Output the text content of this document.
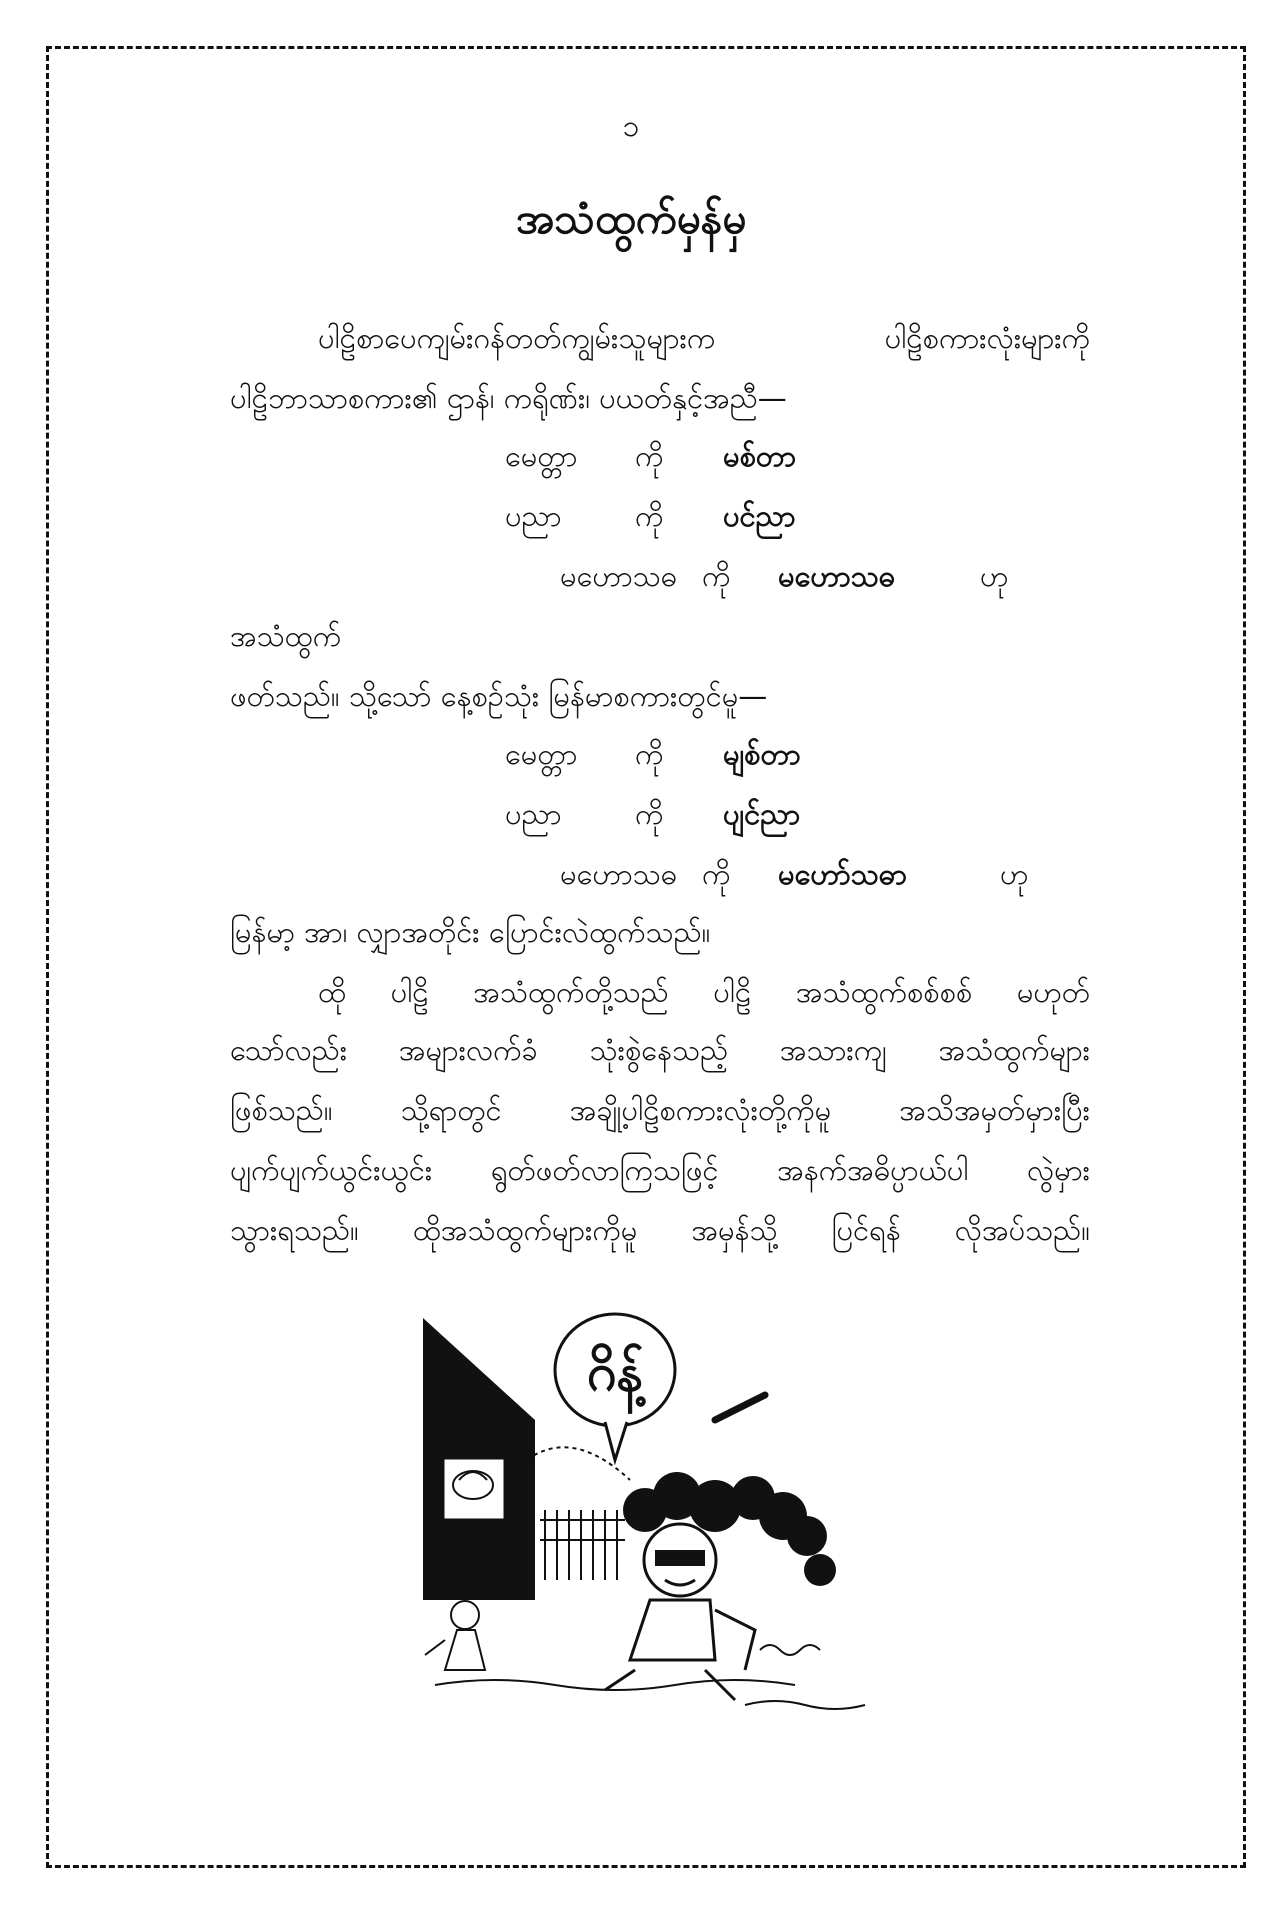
၁
အသံထွက်မှန်မှ
ပါဠိစာပေကျမ်းဂန်တတ်ကျွမ်းသူများက ပါဠိစကားလုံးများကို
ပါဠိဘာသာစကား၏ ဌာန်၊ ကရိုဏ်း၊ ပယတ်နှင့်အညီ—
မေတ္တာ ကို မစ်တာ
ပညာ	ကို ပင်ညာ
မဟောသဓ ကို မဟောသဓ	ဟု
အသံထွက်
ဖတ်သည်။ သို့သော် နေ့စဉ်သုံး မြန်မာစကားတွင်မူ—
မေတ္တာ ကို မျစ်တာ
ပညာ	ကို ပျင်ညာ
မဟောသဓ ကို မဟော်သဓာ	ဟု
မြန်မာ့ အာ၊ လျှာအတိုင်း ပြောင်းလဲထွက်သည်။
ထို ပါဠိ အသံထွက်တို့သည် ပါဠိ အသံထွက်စစ်စစ် မဟုတ်
သော်လည်း အများလက်ခံ သုံးစွဲနေသည့် အသားကျ အသံထွက်များ
ဖြစ်သည်။ သို့ရာတွင် အချို့ပါဠိစကားလုံးတို့ကိုမူ အသိအမှတ်မှားပြီး
ပျက်ပျက်ယွင်းယွင်း ရွတ်ဖတ်လာကြသဖြင့် အနက်အဓိပ္ပာယ်ပါ လွဲမှား
သွားရသည်။ ထိုအသံထွက်များကိုမူ အမှန်သို့ ပြင်ရန် လိုအပ်သည်။
ဂိန့်
